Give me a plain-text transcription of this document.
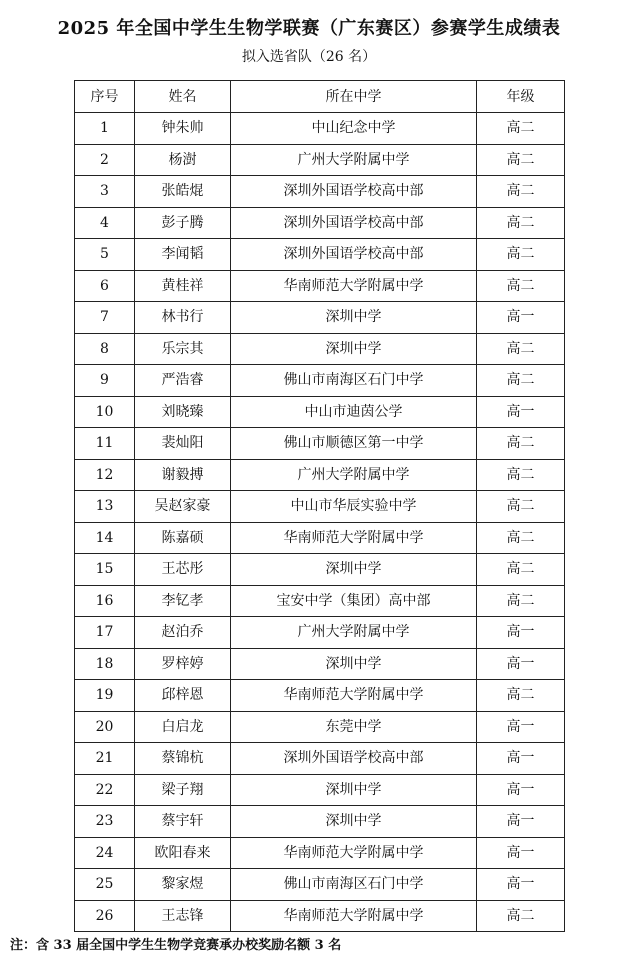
2025 年全国中学生生物学联赛（广东赛区）参赛学生成绩表
拟入选省队（26 名）
序号	姓名	所在中学	年级
1	钟朱帅	中山纪念中学	高二
2	杨澍	广州大学附属中学	高二
3	张皓焜	深圳外国语学校高中部	高二
4	彭子腾	深圳外国语学校高中部	高二
5	李闻韬	深圳外国语学校高中部	高二
6	黄桂祥	华南师范大学附属中学	高二
7	林书行	深圳中学	高一
8	乐宗其	深圳中学	高二
9	严浩睿	佛山市南海区石门中学	高二
10	刘晓臻	中山市迪茵公学	高一
11	裴灿阳	佛山市顺德区第一中学	高二
12	谢毅搏	广州大学附属中学	高二
13	吴赵家豪	中山市华辰实验中学	高二
14	陈嘉硕	华南师范大学附属中学	高二
15	王芯彤	深圳中学	高二
16	李钇孝	宝安中学（集团）高中部	高二
17	赵泊乔	广州大学附属中学	高一
18	罗梓婷	深圳中学	高一
19	邱梓恩	华南师范大学附属中学	高二
20	白启龙	东莞中学	高一
21	蔡锦杭	深圳外国语学校高中部	高一
22	梁子翔	深圳中学	高一
23	蔡宇轩	深圳中学	高一
24	欧阳春来	华南师范大学附属中学	高一
25	黎家煜	佛山市南海区石门中学	高一
26	王志锋	华南师范大学附属中学	高二
注：含 33 届全国中学生生物学竞赛承办校奖励名额 3 名
